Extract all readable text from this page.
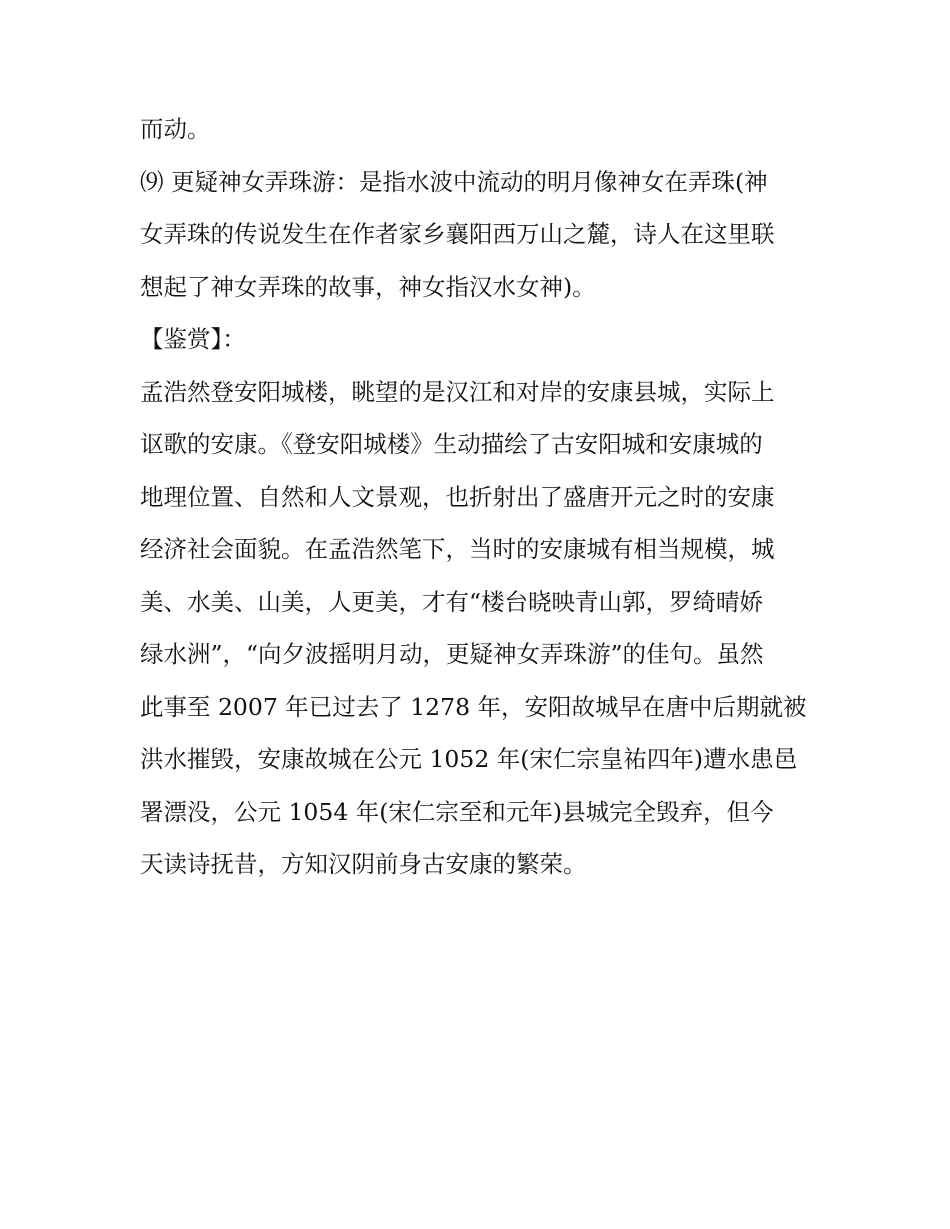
而动。
⑼ 更疑神女弄珠游：是指水波中流动的明月像神女在弄珠(神
女弄珠的传说发生在作者家乡襄阳西万山之麓，诗人在这里联
想起了神女弄珠的故事，神女指汉水女神)。
【鉴赏】：
孟浩然登安阳城楼，眺望的是汉江和对岸的安康县城，实际上
讴歌的安康。《登安阳城楼》生动描绘了古安阳城和安康城的
地理位置、自然和人文景观，也折射出了盛唐开元之时的安康
经济社会面貌。在孟浩然笔下，当时的安康城有相当规模，城
美、水美、山美，人更美，才有“楼台晓映青山郭，罗绮晴娇
绿水洲”，“向夕波摇明月动，更疑神女弄珠游”的佳句。虽然
此事至 2007 年已过去了 1278 年，安阳故城早在唐中后期就被
洪水摧毁，安康故城在公元 1052 年(宋仁宗皇祐四年)遭水患邑
署漂没，公元 1054 年(宋仁宗至和元年)县城完全毁弃，但今
天读诗抚昔，方知汉阴前身古安康的繁荣。
